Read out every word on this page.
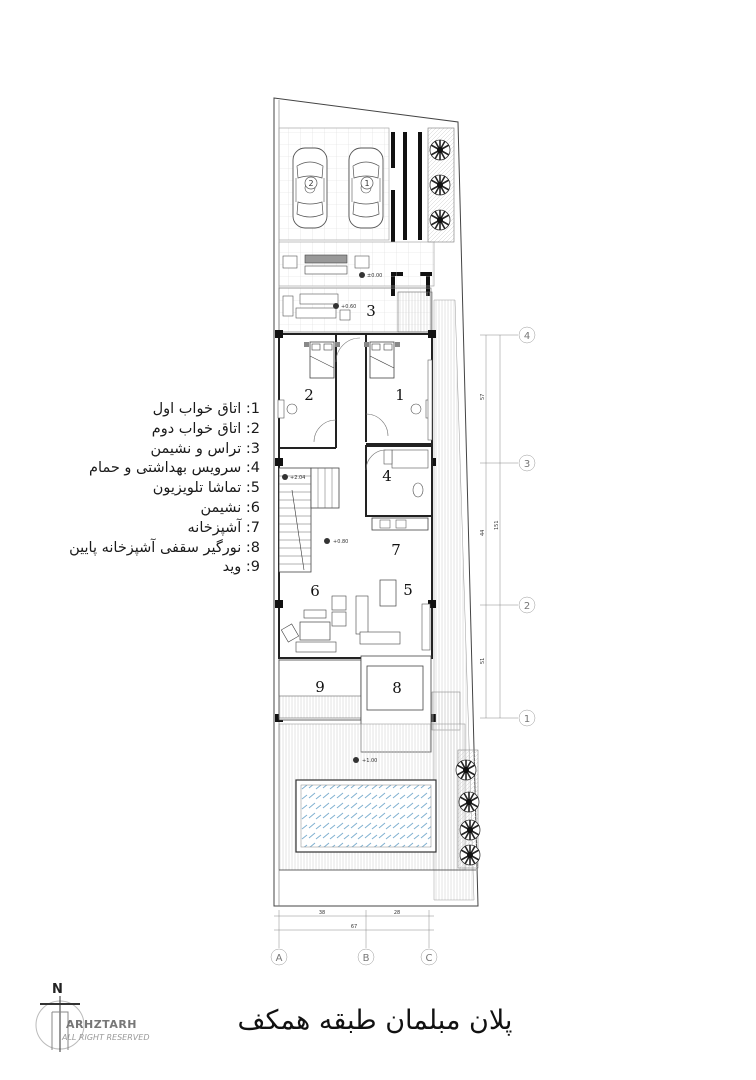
2	1
±0.00
+0.60 3
2	1
4
+2.04
+0.80	7
5
6
9	8
+1.00
4
3
2
1
57
44
51
151
38	28
67
A	B	C
N
ARHZTARH
ALL RIGHT RESERVED
1: اتاق خواب اول
2: اتاق خواب دوم
3: تراس و نشیمن
4: سرویس بهداشتی و حمام
5: تماشا تلویزیون
6: نشیمن
7: آشپزخانه
8: نورگیر سقفی آشپزخانه پایین
9: وید
پلان مبلمان طبقه همکف
